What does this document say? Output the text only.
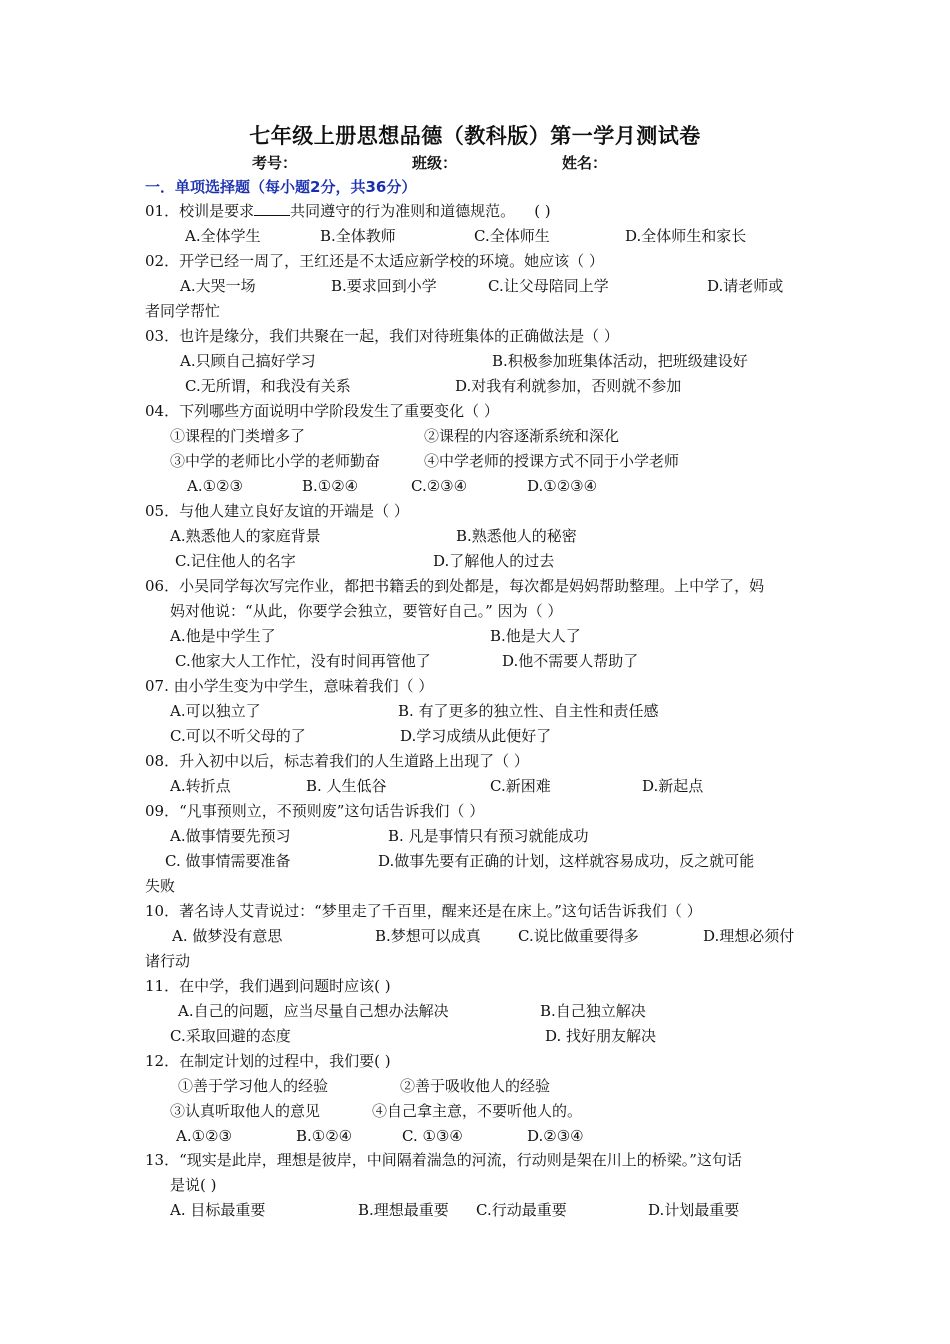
七年级上册思想品德（教科版）第一学月测试卷
考号：	班级：	姓名：
一．单项选择题（每小题2分，共36分）
01．校训是要求 共同遵守的行为准则和道德规范。 ( )
A.全体学生	B.全体教师	C.全体师生	D.全体师生和家长
02．开学已经一周了，王红还是不太适应新学校的环境。她应该（ ）
A.大哭一场	B.要求回到小学	C.让父母陪同上学	D.请老师或
者同学帮忙
03．也许是缘分，我们共聚在一起，我们对待班集体的正确做法是（ ）
A.只顾自己搞好学习	B.积极参加班集体活动，把班级建设好
C.无所谓，和我没有关系	D.对我有利就参加，否则就不参加
04．下列哪些方面说明中学阶段发生了重要变化（ ）
①课程的门类增多了	②课程的内容逐渐系统和深化
③中学的老师比小学的老师勤奋	④中学老师的授课方式不同于小学老师
A.①②③	B.①②④	C.②③④	D.①②③④
05．与他人建立良好友谊的开端是（ ）
A.熟悉他人的家庭背景	B.熟悉他人的秘密
C.记住他人的名字	D.了解他人的过去
06．小吴同学每次写完作业，都把书籍丢的到处都是，每次都是妈妈帮助整理。上中学了，妈
妈对他说：“从此，你要学会独立，要管好自己。” 因为（ ）
A.他是中学生了	B.他是大人了
C.他家大人工作忙，没有时间再管他了	D.他不需要人帮助了
07. 由小学生变为中学生，意味着我们（ ）
A.可以独立了	B. 有了更多的独立性、自主性和责任感
C.可以不听父母的了	D.学习成绩从此便好了
08．升入初中以后，标志着我们的人生道路上出现了（ ）
A.转折点	B. 人生低谷	C.新困难	D.新起点
09．“凡事预则立，不预则废”这句话告诉我们（ ）
A.做事情要先预习	B. 凡是事情只有预习就能成功
C. 做事情需要准备	D.做事先要有正确的计划，这样就容易成功，反之就可能
失败
10．著名诗人艾青说过：“梦里走了千百里，醒来还是在床上。”这句话告诉我们（ ）
A. 做梦没有意思	B.梦想可以成真 C.说比做重要得多	D.理想必须付
诸行动
11．在中学，我们遇到问题时应该( )
A.自己的问题，应当尽量自己想办法解决	B.自己独立解决
C.采取回避的态度	D. 找好朋友解决
12．在制定计划的过程中，我们要( )
①善于学习他人的经验	②善于吸收他人的经验
③认真听取他人的意见	④自己拿主意，不要听他人的。
A.①②③	B.①②④	C. ①③④	D.②③④
13．“现实是此岸，理想是彼岸，中间隔着湍急的河流，行动则是架在川上的桥梁。”这句话
是说( )
A. 目标最重要	B.理想最重要 C.行动最重要	D.计划最重要
